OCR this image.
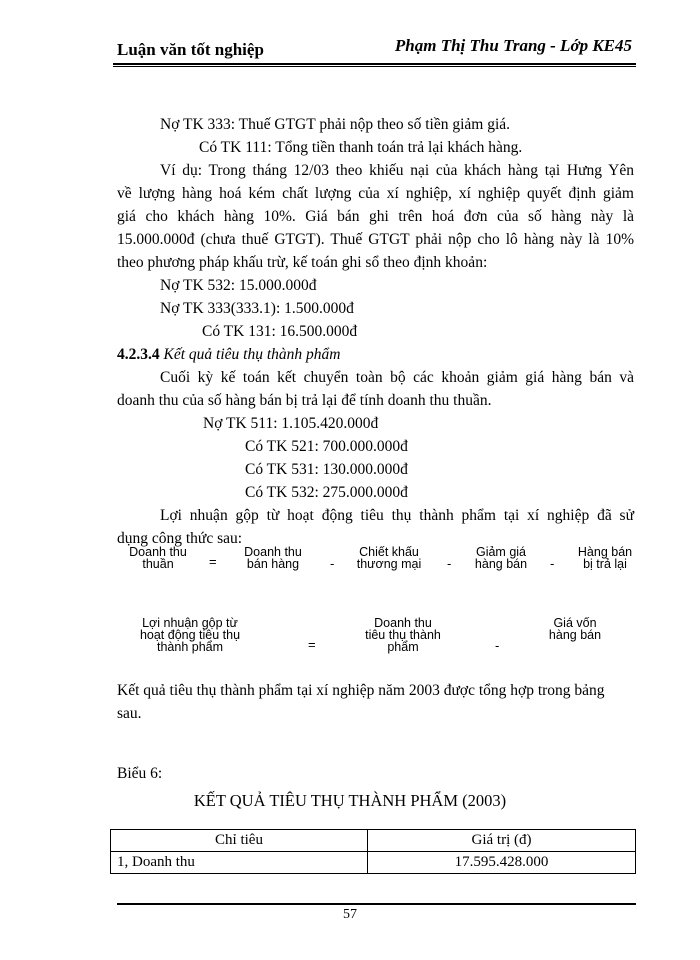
Luận văn tốt nghiệp	Phạm Thị Thu Trang - Lớp KE45
Nợ TK 333: Thuế GTGT phải nộp theo số tiền giảm giá.
Có TK 111: Tổng tiền thanh toán trả lại khách hàng.
Ví dụ: Trong tháng 12/03 theo khiếu nại của khách hàng tại Hưng Yên
về lượng hàng hoá kém chất lượng của xí nghiệp, xí nghiệp quyết định giảm
giá cho khách hàng 10%. Giá bán ghi trên hoá đơn của số hàng này là
15.000.000đ (chưa thuế GTGT). Thuế GTGT phải nộp cho lô hàng này là 10%
theo phương pháp khấu trừ, kế toán ghi sổ theo định khoản:
Nợ TK 532: 15.000.000đ
Nợ TK 333(333.1): 1.500.000đ
Có TK 131: 16.500.000đ
4.2.3.4 Kết quả tiêu thụ thành phẩm
Cuối kỳ kế toán kết chuyển toàn bộ các khoản giảm giá hàng bán và
doanh thu của số hàng bán bị trả lại để tính doanh thu thuần.
Nợ TK 511: 1.105.420.000đ
Có TK 521: 700.000.000đ
Có TK 531: 130.000.000đ
Có TK 532: 275.000.000đ
Lợi nhuận gộp từ hoạt động tiêu thụ thành phẩm tại xí nghiệp đã sử
dụng công thức sau:
Doanh thu
thuần	=
Doanh thu
bán hàng	-
Chiết khấu
thương mại	-
Giảm giá
hàng bán	-
Hàng bán
bị trả lại
Lợi nhuận gộp từ
hoạt động tiêu thụ
thành phẩm	=
Doanh thu
tiêu thụ thành
phẩm	-
Giá vốn
hàng bán
Kết quả tiêu thụ thành phẩm tại xí nghiệp năm 2003 được tổng hợp trong bảng
sau.
Biểu 6:
KẾT QUẢ TIÊU THỤ THÀNH PHẨM (2003)
Chỉ tiêu	Giá trị (đ)
1, Doanh thu	17.595.428.000
57
